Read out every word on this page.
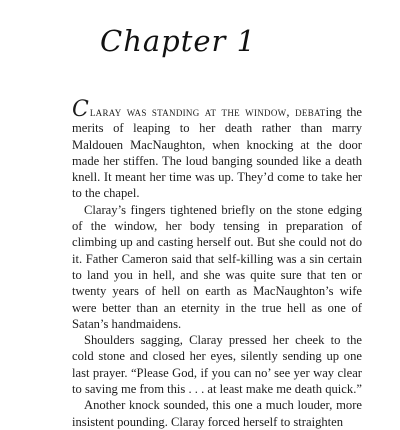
Chapter 1

Claray was standing at the window, debating the merits of leaping to her death rather than marry Maldouen MacNaughton, when knocking at the door made her stiffen. The loud banging sounded like a death knell. It meant her time was up. They’d come to take her to the chapel.

Claray’s fingers tightened briefly on the stone edging of the window, her body tensing in preparation of climbing up and casting herself out. But she could not do it. Father Cameron said that self-killing was a sin certain to land you in hell, and she was quite sure that ten or twenty years of hell on earth as MacNaughton’s wife were better than an eternity in the true hell as one of Satan’s handmaidens.

Shoulders sagging, Claray pressed her cheek to the cold stone and closed her eyes, silently sending up one last prayer. “Please God, if you can no’ see yer way clear to saving me from this . . . at least make me death quick.”

Another knock sounded, this one a much louder, more insistent pounding. Claray forced herself to straighten
